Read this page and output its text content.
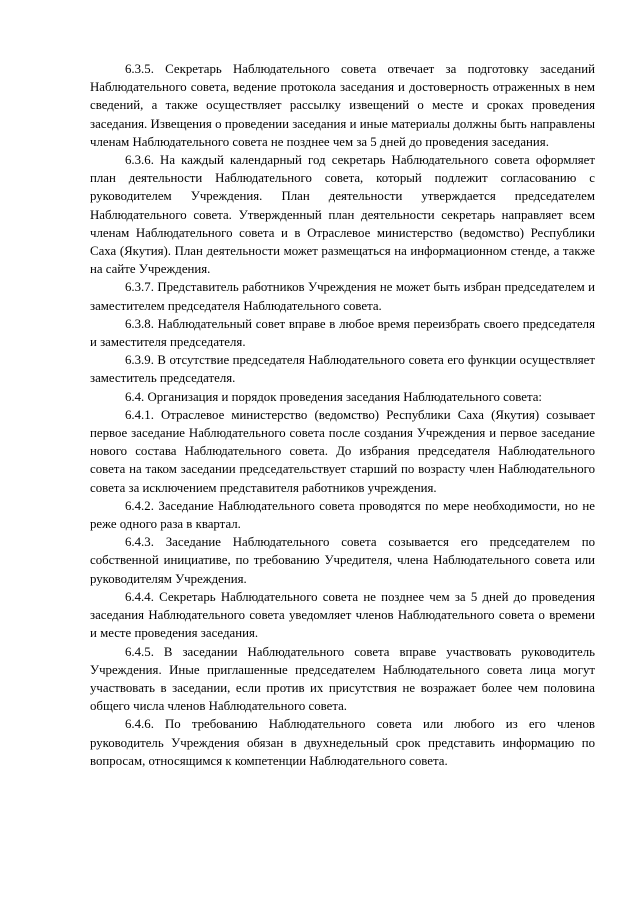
6.3.5. Секретарь Наблюдательного совета отвечает за подготовку заседаний Наблюдательного совета, ведение протокола заседания и достоверность отраженных в нем сведений, а также осуществляет рассылку извещений о месте и сроках проведения заседания. Извещения о проведении заседания и иные материалы должны быть направлены членам Наблюдательного совета не позднее чем за 5 дней до проведения заседания.

6.3.6. На каждый календарный год секретарь Наблюдательного совета оформляет план деятельности Наблюдательного совета, который подлежит согласованию с руководителем Учреждения. План деятельности утверждается председателем Наблюдательного совета. Утвержденный план деятельности секретарь направляет всем членам Наблюдательного совета и в Отраслевое министерство (ведомство) Республики Саха (Якутия). План деятельности может размещаться на информационном стенде, а также на сайте Учреждения.

6.3.7. Представитель работников Учреждения не может быть избран председателем и заместителем председателя Наблюдательного совета.

6.3.8. Наблюдательный совет вправе в любое время переизбрать своего председателя и заместителя председателя.

6.3.9. В отсутствие председателя Наблюдательного совета его функции осуществляет заместитель председателя.

6.4. Организация и порядок проведения заседания Наблюдательного совета:

6.4.1. Отраслевое министерство (ведомство) Республики Саха (Якутия) созывает первое заседание Наблюдательного совета после создания Учреждения и первое заседание нового состава Наблюдательного совета. До избрания председателя Наблюдательного совета на таком заседании председательствует старший по возрасту член Наблюдательного совета за исключением представителя работников учреждения.

6.4.2. Заседание Наблюдательного совета проводятся по мере необходимости, но не реже одного раза в квартал.

6.4.3. Заседание Наблюдательного совета созывается его председателем по собственной инициативе, по требованию Учредителя, члена Наблюдательного совета или руководителям Учреждения.

6.4.4. Секретарь Наблюдательного совета не позднее чем за 5 дней до проведения заседания Наблюдательного совета уведомляет членов Наблюдательного совета о времени и месте проведения заседания.

6.4.5. В заседании Наблюдательного совета вправе участвовать руководитель Учреждения. Иные приглашенные председателем Наблюдательного совета лица могут участвовать в заседании, если против их присутствия не возражает более чем половина общего числа членов Наблюдательного совета.

6.4.6. По требованию Наблюдательного совета или любого из его членов руководитель Учреждения обязан в двухнедельный срок представить информацию по вопросам, относящимся к компетенции Наблюдательного совета.
